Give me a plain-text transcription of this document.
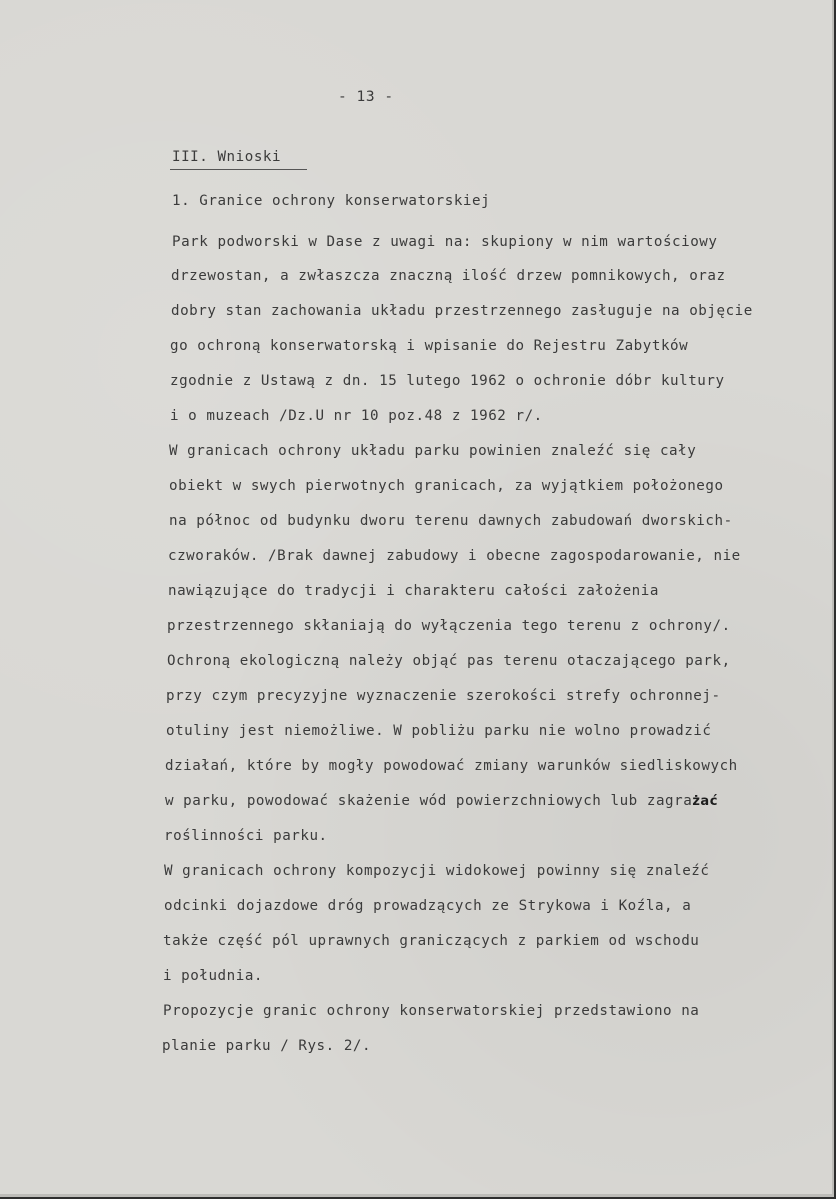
- 13 -
III. Wnioski
1. Granice ochrony konserwatorskiej
Park podworski w Dase z uwagi na: skupiony w nim wartościowy
drzewostan, a zwłaszcza znaczną ilość drzew pomnikowych, oraz
dobry stan zachowania układu przestrzennego zasługuje na objęcie
go ochroną konserwatorską i wpisanie do Rejestru Zabytków
zgodnie z Ustawą z dn. 15 lutego 1962 o ochronie dóbr kultury
i o muzeach /Dz.U nr 10 poz.48 z 1962 r/.
W granicach ochrony układu parku powinien znaleźć się cały
obiekt w swych pierwotnych granicach, za wyjątkiem położonego
na północ od budynku dworu terenu dawnych zabudowań dworskich-
czworaków. /Brak dawnej zabudowy i obecne zagospodarowanie, nie
nawiązujące do tradycji i charakteru całości założenia
przestrzennego skłaniają do wyłączenia tego terenu z ochrony/.
Ochroną ekologiczną należy objąć pas terenu otaczającego park,
przy czym precyzyjne wyznaczenie szerokości strefy ochronnej-
otuliny jest niemożliwe. W pobliżu parku nie wolno prowadzić
działań, które by mogły powodować zmiany warunków siedliskowych
w parku, powodować skażenie wód powierzchniowych lub zagrażać
roślinności parku.
W granicach ochrony kompozycji widokowej powinny się znaleźć
odcinki dojazdowe dróg prowadzących ze Strykowa i Koźla, a
także część pól uprawnych graniczących z parkiem od wschodu
i południa.
Propozycje granic ochrony konserwatorskiej przedstawiono na
planie parku / Rys. 2/.
